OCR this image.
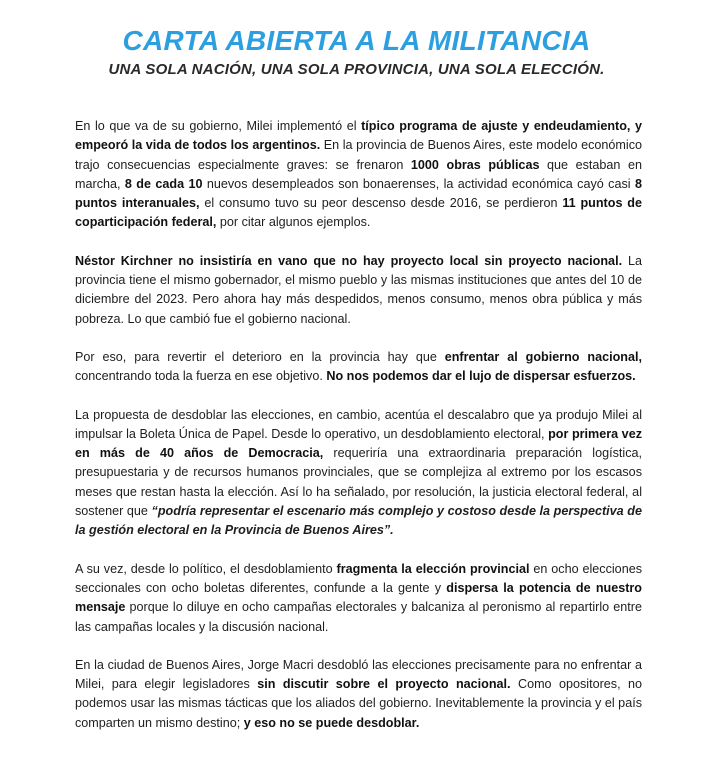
CARTA ABIERTA A LA MILITANCIA
UNA SOLA NACIÓN, UNA SOLA PROVINCIA, UNA SOLA ELECCIÓN.

En lo que va de su gobierno, Milei implementó el típico programa de ajuste y endeudamiento, y empeoró la vida de todos los argentinos. En la provincia de Buenos Aires, este modelo económico trajo consecuencias especialmente graves: se frenaron 1000 obras públicas que estaban en marcha, 8 de cada 10 nuevos desempleados son bonaerenses, la actividad económica cayó casi 8 puntos interanuales, el consumo tuvo su peor descenso desde 2016, se perdieron 11 puntos de coparticipación federal, por citar algunos ejemplos.

Néstor Kirchner no insistiría en vano que no hay proyecto local sin proyecto nacional. La provincia tiene el mismo gobernador, el mismo pueblo y las mismas instituciones que antes del 10 de diciembre del 2023. Pero ahora hay más despedidos, menos consumo, menos obra pública y más pobreza. Lo que cambió fue el gobierno nacional.

Por eso, para revertir el deterioro en la provincia hay que enfrentar al gobierno nacional, concentrando toda la fuerza en ese objetivo. No nos podemos dar el lujo de dispersar esfuerzos.

La propuesta de desdoblar las elecciones, en cambio, acentúa el descalabro que ya produjo Milei al impulsar la Boleta Única de Papel. Desde lo operativo, un desdoblamiento electoral, por primera vez en más de 40 años de Democracia, requeriría una extraordinaria preparación logística, presupuestaria y de recursos humanos provinciales, que se complejiza al extremo por los escasos meses que restan hasta la elección. Así lo ha señalado, por resolución, la justicia electoral federal, al sostener que “podría representar el escenario más complejo y costoso desde la perspectiva de la gestión electoral en la Provincia de Buenos Aires”.

A su vez, desde lo político, el desdoblamiento fragmenta la elección provincial en ocho elecciones seccionales con ocho boletas diferentes, confunde a la gente y dispersa la potencia de nuestro mensaje porque lo diluye en ocho campañas electorales y balcaniza al peronismo al repartirlo entre las campañas locales y la discusión nacional.

En la ciudad de Buenos Aires, Jorge Macri desdobló las elecciones precisamente para no enfrentar a Milei, para elegir legisladores sin discutir sobre el proyecto nacional. Como opositores, no podemos usar las mismas tácticas que los aliados del gobierno. Inevitablemente la provincia y el país comparten un mismo destino; y eso no se puede desdoblar.
